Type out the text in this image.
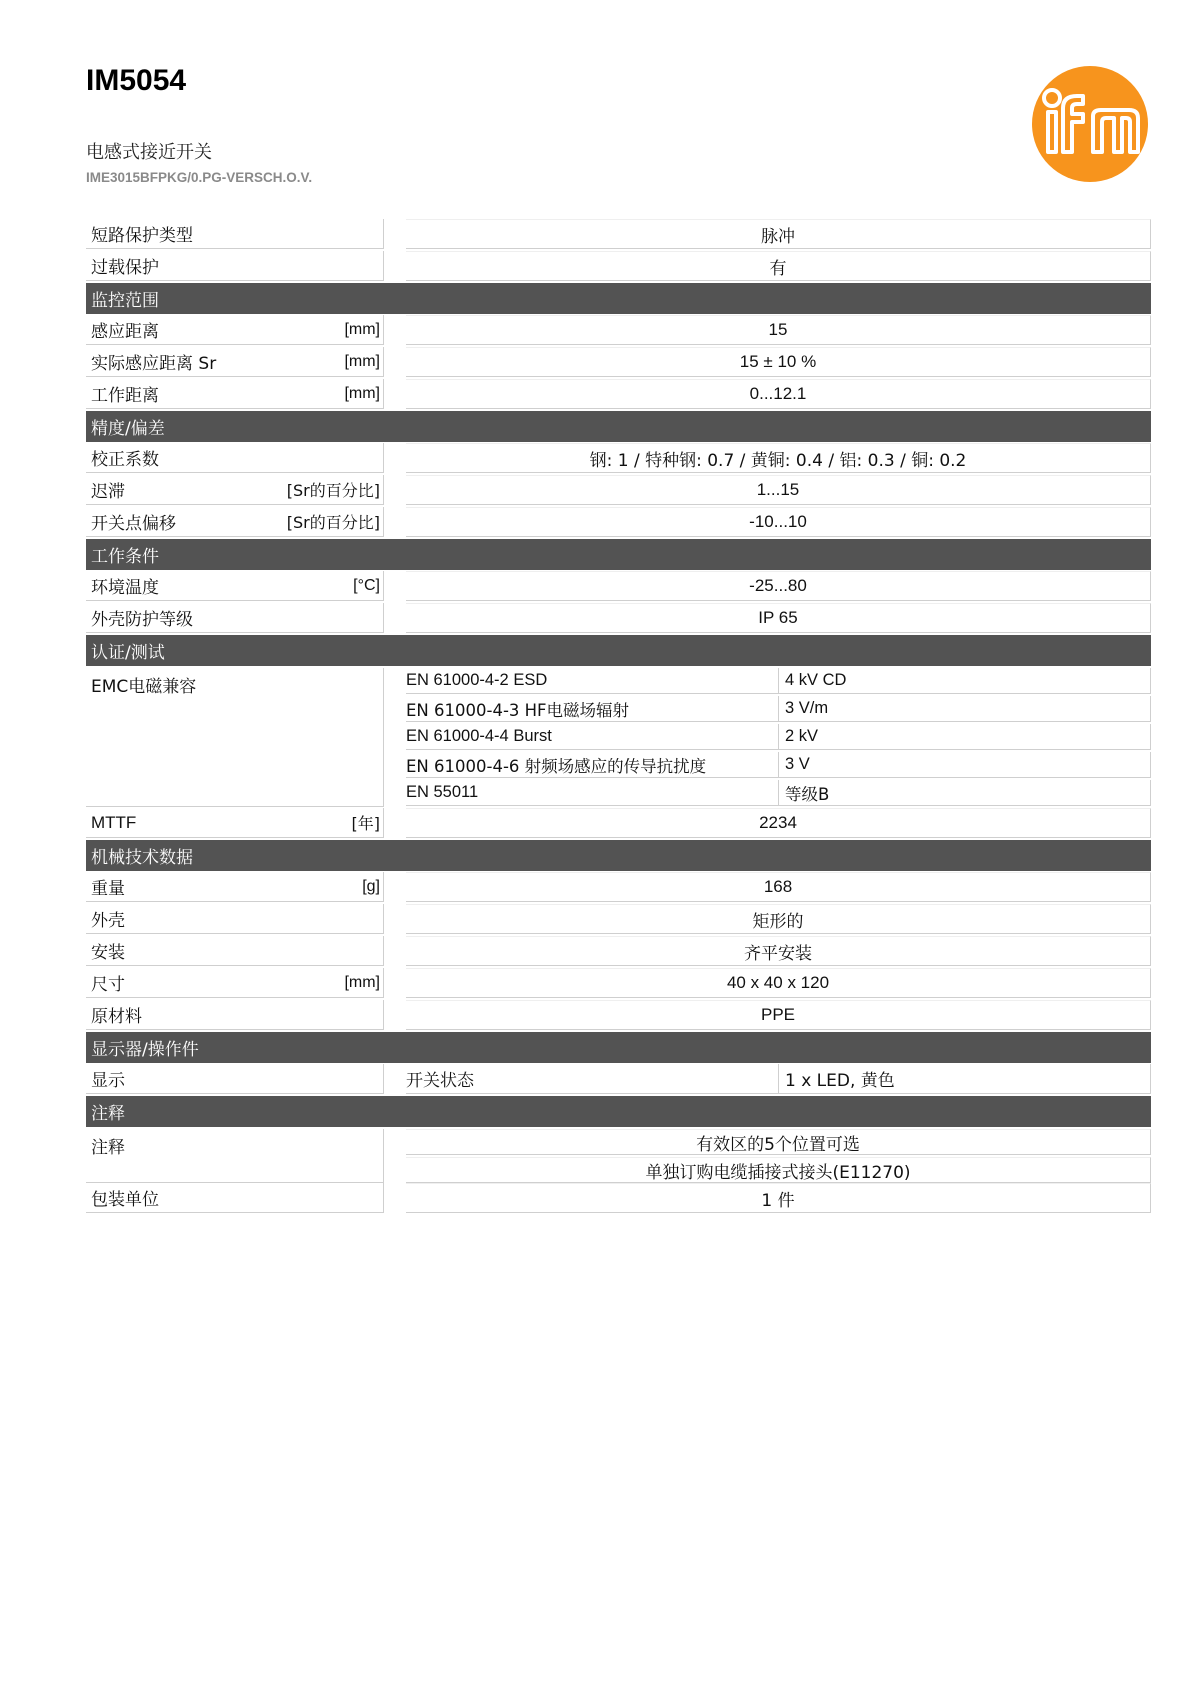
IM5054

电感式接近开关

IME3015BFPKG/0.PG-VERSCH.O.V.

短路保护类型	脉冲
过载保护	有
监控范围
感应距离	[mm]	15
实际感应距离 Sr	[mm]	15 ± 10 %
工作距离	[mm]	0...12.1
精度/偏差
校正系数	钢: 1 / 特种钢: 0.7 / 黄铜: 0.4 / 铝: 0.3 / 铜: 0.2
迟滞	[Sr的百分比]	1...15
开关点偏移	[Sr的百分比]	-10...10
工作条件
环境温度	[°C]	-25...80
外壳防护等级	IP 65
认证/测试
EMC电磁兼容	EN 61000-4-2 ESD	4 kV CD
EN 61000-4-3 HF电磁场辐射	3 V/m
EN 61000-4-4 Burst	2 kV
EN 61000-4-6 射频场感应的传导抗扰度	3 V
EN 55011	等级B
MTTF	[年]	2234
机械技术数据
重量	[g]	168
外壳	矩形的
安装	齐平安装
尺寸	[mm]	40 x 40 x 120
原材料	PPE
显示器/操作件
显示	开关状态	1 x LED, 黄色
注释
注释	有效区的5个位置可选
单独订购电缆插接式接头(E11270)
包装单位	1 件
